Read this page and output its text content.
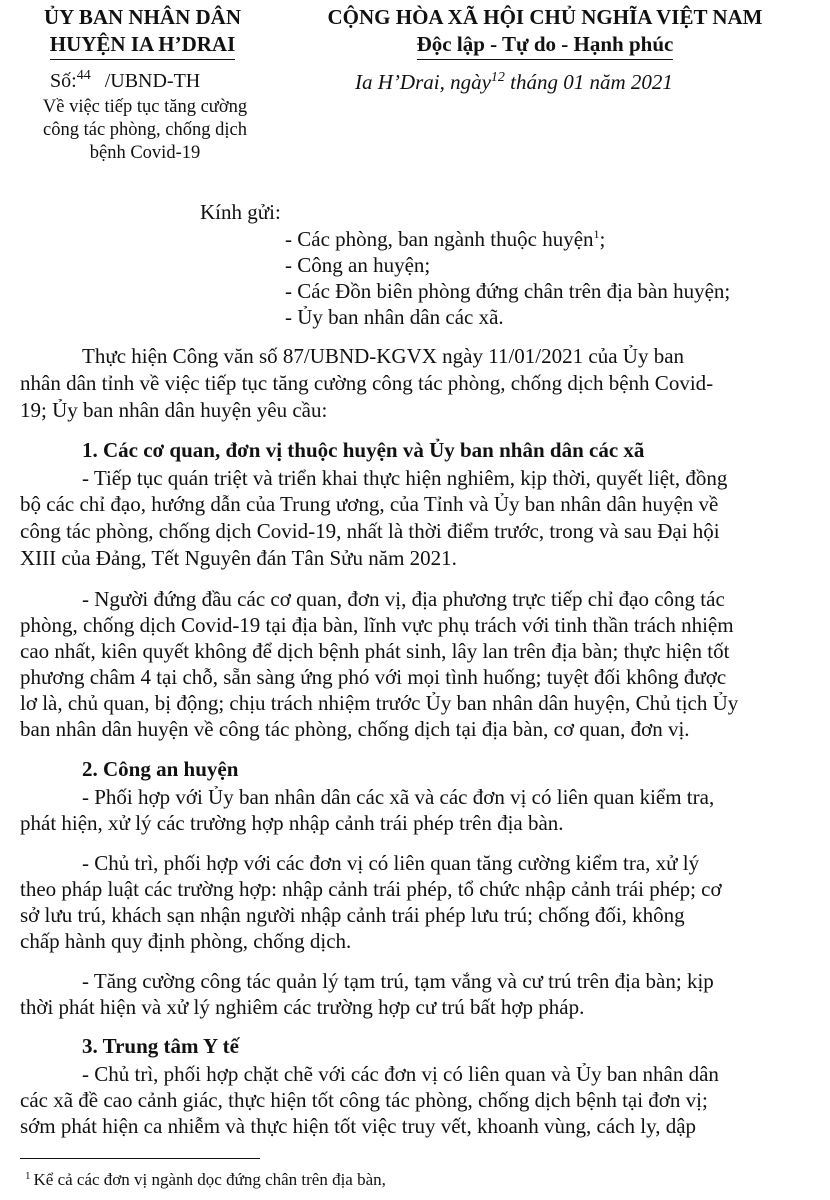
ỦY BAN NHÂN DÂN
HUYỆN IA H’DRAI
CỘNG HÒA XÃ HỘI CHỦ NGHĨA VIỆT NAM
Độc lập - Tự do - Hạnh phúc
Số:$^{44}$ /UBND-TH	Ia H’Drai, ngày$^{12}$ tháng 01 năm 2021
Về việc tiếp tục tăng cường
công tác phòng, chống dịch
bệnh Covid-19
Kính gửi:
- Các phòng, ban ngành thuộc huyện$^1$;
- Công an huyện;
- Các Đồn biên phòng đứng chân trên địa bàn huyện;
- Ủy ban nhân dân các xã.
Thực hiện Công văn số 87/UBND-KGVX ngày 11/01/2021 của Ủy ban
nhân dân tỉnh về việc tiếp tục tăng cường công tác phòng, chống dịch bệnh Covid-
19; Ủy ban nhân dân huyện yêu cầu:
1. Các cơ quan, đơn vị thuộc huyện và Ủy ban nhân dân các xã
- Tiếp tục quán triệt và triển khai thực hiện nghiêm, kịp thời, quyết liệt, đồng
bộ các chỉ đạo, hướng dẫn của Trung ương, của Tỉnh và Ủy ban nhân dân huyện về
công tác phòng, chống dịch Covid-19, nhất là thời điểm trước, trong và sau Đại hội
XIII của Đảng, Tết Nguyên đán Tân Sửu năm 2021.
- Người đứng đầu các cơ quan, đơn vị, địa phương trực tiếp chỉ đạo công tác
phòng, chống dịch Covid-19 tại địa bàn, lĩnh vực phụ trách với tinh thần trách nhiệm
cao nhất, kiên quyết không để dịch bệnh phát sinh, lây lan trên địa bàn; thực hiện tốt
phương châm 4 tại chỗ, sẵn sàng ứng phó với mọi tình huống; tuyệt đối không được
lơ là, chủ quan, bị động; chịu trách nhiệm trước Ủy ban nhân dân huyện, Chủ tịch Ủy
ban nhân dân huyện về công tác phòng, chống dịch tại địa bàn, cơ quan, đơn vị.
2. Công an huyện
- Phối hợp với Ủy ban nhân dân các xã và các đơn vị có liên quan kiểm tra,
phát hiện, xử lý các trường hợp nhập cảnh trái phép trên địa bàn.
- Chủ trì, phối hợp với các đơn vị có liên quan tăng cường kiểm tra, xử lý
theo pháp luật các trường hợp: nhập cảnh trái phép, tổ chức nhập cảnh trái phép; cơ
sở lưu trú, khách sạn nhận người nhập cảnh trái phép lưu trú; chống đối, không
chấp hành quy định phòng, chống dịch.
- Tăng cường công tác quản lý tạm trú, tạm vắng và cư trú trên địa bàn; kịp
thời phát hiện và xử lý nghiêm các trường hợp cư trú bất hợp pháp.
3. Trung tâm Y tế
- Chủ trì, phối hợp chặt chẽ với các đơn vị có liên quan và Ủy ban nhân dân
các xã đề cao cảnh giác, thực hiện tốt công tác phòng, chống dịch bệnh tại đơn vị;
sớm phát hiện ca nhiễm và thực hiện tốt việc truy vết, khoanh vùng, cách ly, dập
$^1$ Kể cả các đơn vị ngành dọc đứng chân trên địa bàn,
